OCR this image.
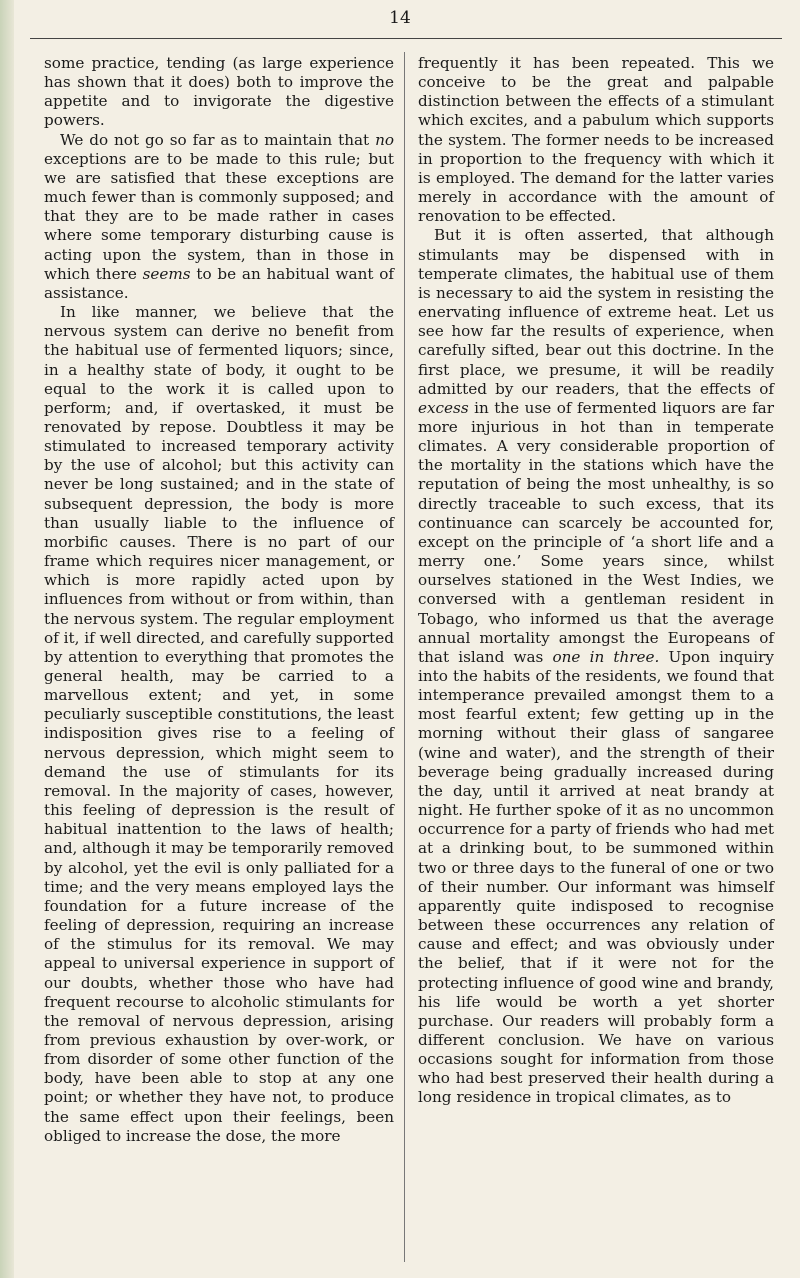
14

some practice, tending (as large experience has shown that it does) both to improve the appetite and to invigorate the digestive powers.

We do not go so far as to maintain that no exceptions are to be made to this rule; but we are satisfied that these exceptions are much fewer than is commonly supposed; and that they are to be made rather in cases where some temporary disturbing cause is acting upon the system, than in those in which there seems to be an habitual want of assistance.

In like manner, we believe that the nervous system can derive no benefit from the habitual use of fermented liquors; since, in a healthy state of body, it ought to be equal to the work it is called upon to perform; and, if overtasked, it must be renovated by repose. Doubtless it may be stimulated to increased temporary activity by the use of alcohol; but this activity can never be long sustained; and in the state of subsequent depression, the body is more than usually liable to the influence of morbific causes. There is no part of our frame which requires nicer management, or which is more rapidly acted upon by influences from without or from within, than the nervous system. The regular employment of it, if well directed, and carefully supported by attention to everything that promotes the general health, may be carried to a marvellous extent; and yet, in some peculiarly susceptible constitutions, the least indisposition gives rise to a feeling of nervous depression, which might seem to demand the use of stimulants for its removal. In the majority of cases, however, this feeling of depression is the result of habitual inattention to the laws of health; and, although it may be temporarily removed by alcohol, yet the evil is only palliated for a time; and the very means employed lays the foundation for a future increase of the feeling of depression, requiring an increase of the stimulus for its removal. We may appeal to universal experience in support of our doubts, whether those who have had frequent recourse to alcoholic stimulants for the removal of nervous depression, arising from previous exhaustion by over-work, or from disorder of some other function of the body, have been able to stop at any one point; or whether they have not, to produce the same effect upon their feelings, been obliged to increase the dose, the more

frequently it has been repeated. This we conceive to be the great and palpable distinction between the effects of a stimulant which excites, and a pabulum which supports the system. The former needs to be increased in proportion to the frequency with which it is employed. The demand for the latter varies merely in accordance with the amount of renovation to be effected.

But it is often asserted, that although stimulants may be dispensed with in temperate climates, the habitual use of them is necessary to aid the system in resisting the enervating influence of extreme heat. Let us see how far the results of experience, when carefully sifted, bear out this doctrine. In the first place, we presume, it will be readily admitted by our readers, that the effects of excess in the use of fermented liquors are far more injurious in hot than in temperate climates. A very considerable proportion of the mortality in the stations which have the reputation of being the most unhealthy, is so directly traceable to such excess, that its continuance can scarcely be accounted for, except on the principle of ‘a short life and a merry one.’ Some years since, whilst ourselves stationed in the West Indies, we conversed with a gentleman resident in Tobago, who informed us that the average annual mortality amongst the Europeans of that island was one in three. Upon inquiry into the habits of the residents, we found that intemperance prevailed amongst them to a most fearful extent; few getting up in the morning without their glass of sangaree (wine and water), and the strength of their beverage being gradually increased during the day, until it arrived at neat brandy at night. He further spoke of it as no uncommon occurrence for a party of friends who had met at a drinking bout, to be summoned within two or three days to the funeral of one or two of their number. Our informant was himself apparently quite indisposed to recognise between these occurrences any relation of cause and effect; and was obviously under the belief, that if it were not for the protecting influence of good wine and brandy, his life would be worth a yet shorter purchase. Our readers will probably form a different conclusion. We have on various occasions sought for information from those who had best preserved their health during a long residence in tropical climates, as to
